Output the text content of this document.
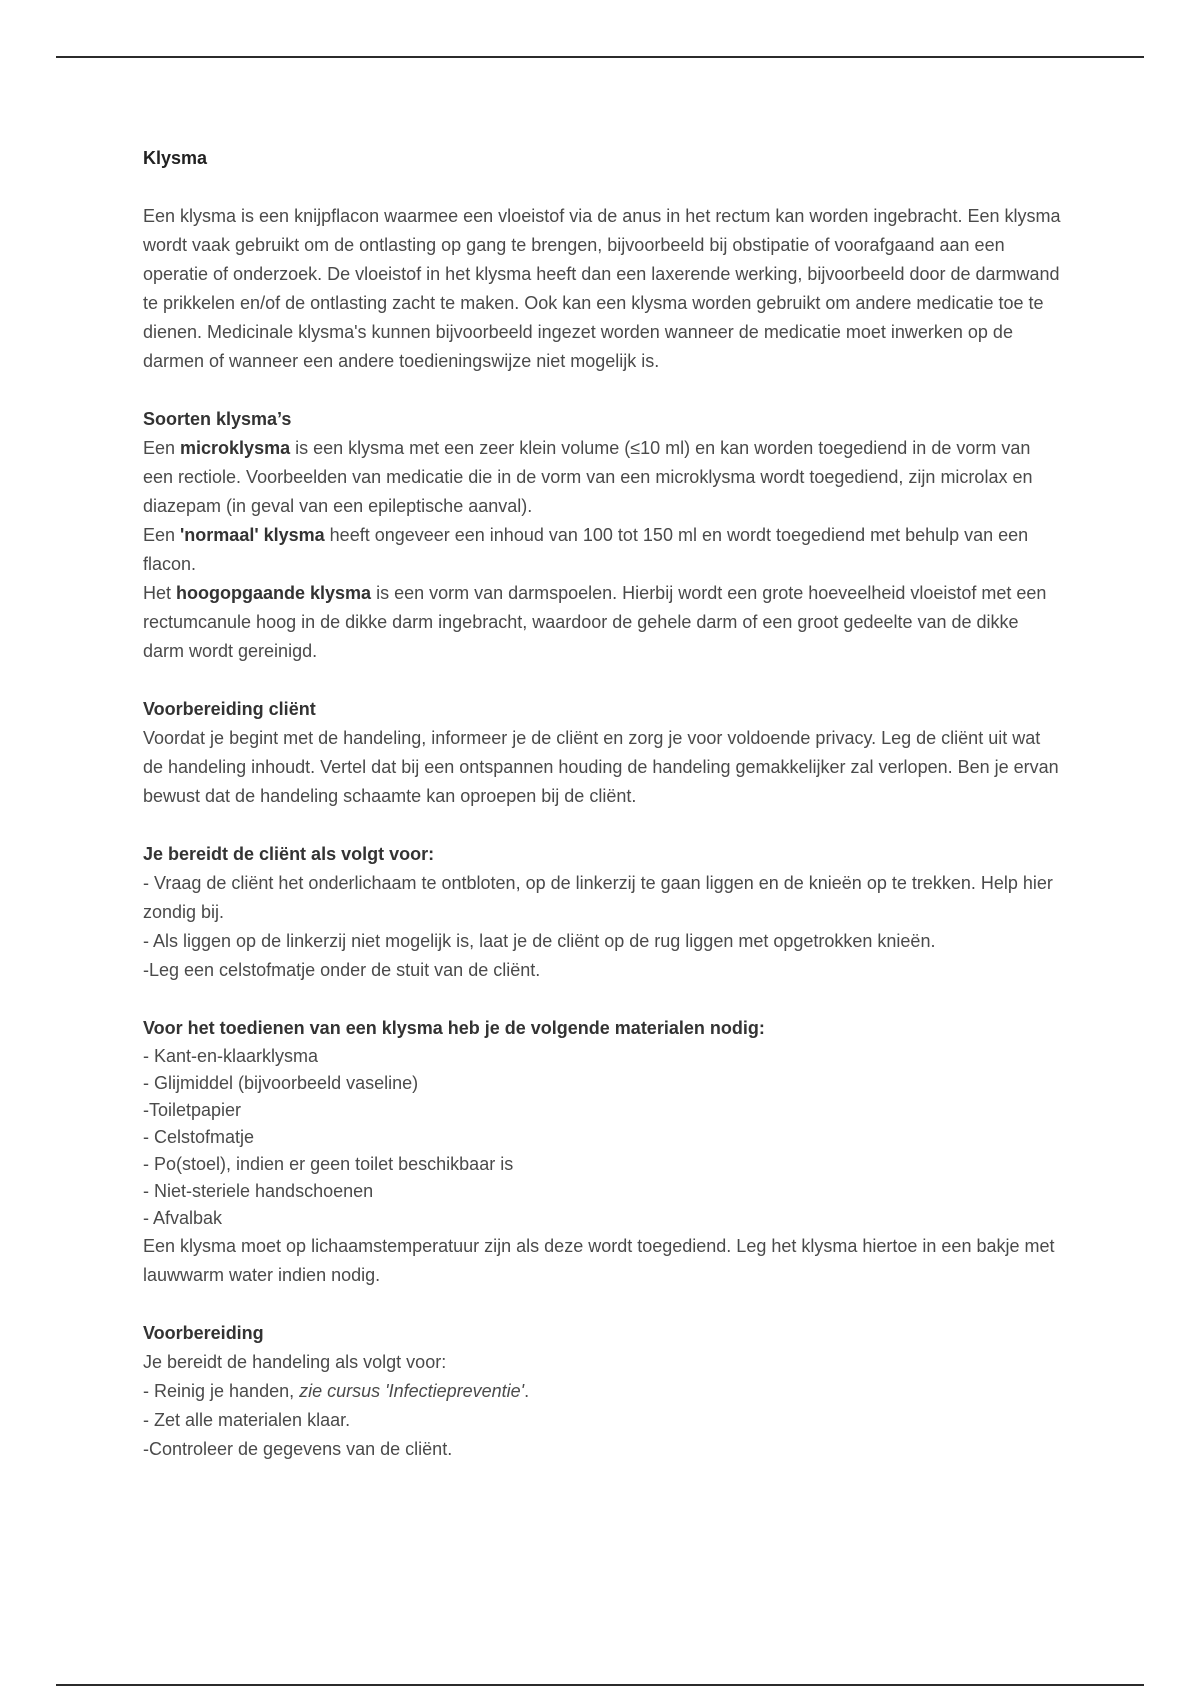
Klysma

Een klysma is een knijpflacon waarmee een vloeistof via de anus in het rectum kan worden ingebracht. Een klysma wordt vaak gebruikt om de ontlasting op gang te brengen, bijvoorbeeld bij obstipatie of voorafgaand aan een operatie of onderzoek. De vloeistof in het klysma heeft dan een laxerende werking, bijvoorbeeld door de darmwand te prikkelen en/of de ontlasting zacht te maken. Ook kan een klysma worden gebruikt om andere medicatie toe te dienen. Medicinale klysma's kunnen bijvoorbeeld ingezet worden wanneer de medicatie moet inwerken op de darmen of wanneer een andere toedieningswijze niet mogelijk is.

Soorten klysma’s

Een microklysma is een klysma met een zeer klein volume (≤10 ml) en kan worden toegediend in de vorm van een rectiole. Voorbeelden van medicatie die in de vorm van een microklysma wordt toegediend, zijn microlax en diazepam (in geval van een epileptische aanval).

Een 'normaal' klysma heeft ongeveer een inhoud van 100 tot 150 ml en wordt toegediend met behulp van een flacon.

Het hoogopgaande klysma is een vorm van darmspoelen. Hierbij wordt een grote hoeveelheid vloeistof met een rectumcanule hoog in de dikke darm ingebracht, waardoor de gehele darm of een groot gedeelte van de dikke darm wordt gereinigd.

Voorbereiding cliënt

Voordat je begint met de handeling, informeer je de cliënt en zorg je voor voldoende privacy. Leg de cliënt uit wat de handeling inhoudt. Vertel dat bij een ontspannen houding de handeling gemakkelijker zal verlopen. Ben je ervan bewust dat de handeling schaamte kan oproepen bij de cliënt.

Je bereidt de cliënt als volgt voor:

- Vraag de cliënt het onderlichaam te ontbloten, op de linkerzij te gaan liggen en de knieën op te trekken. Help hier zondig bij.

- Als liggen op de linkerzij niet mogelijk is, laat je de cliënt op de rug liggen met opgetrokken knieën.

-Leg een celstofmatje onder de stuit van de cliënt.

Voor het toedienen van een klysma heb je de volgende materialen nodig:
- Kant-en-klaarklysma
- Glijmiddel (bijvoorbeeld vaseline)
-Toiletpapier
- Celstofmatje
- Po(stoel), indien er geen toilet beschikbaar is
- Niet-steriele handschoenen
- Afvalbak

Een klysma moet op lichaamstemperatuur zijn als deze wordt toegediend. Leg het klysma hiertoe in een bakje met lauwwarm water indien nodig.

Voorbereiding

Je bereidt de handeling als volgt voor:

- Reinig je handen, zie cursus 'Infectiepreventie'.

- Zet alle materialen klaar.

-Controleer de gegevens van de cliënt.
